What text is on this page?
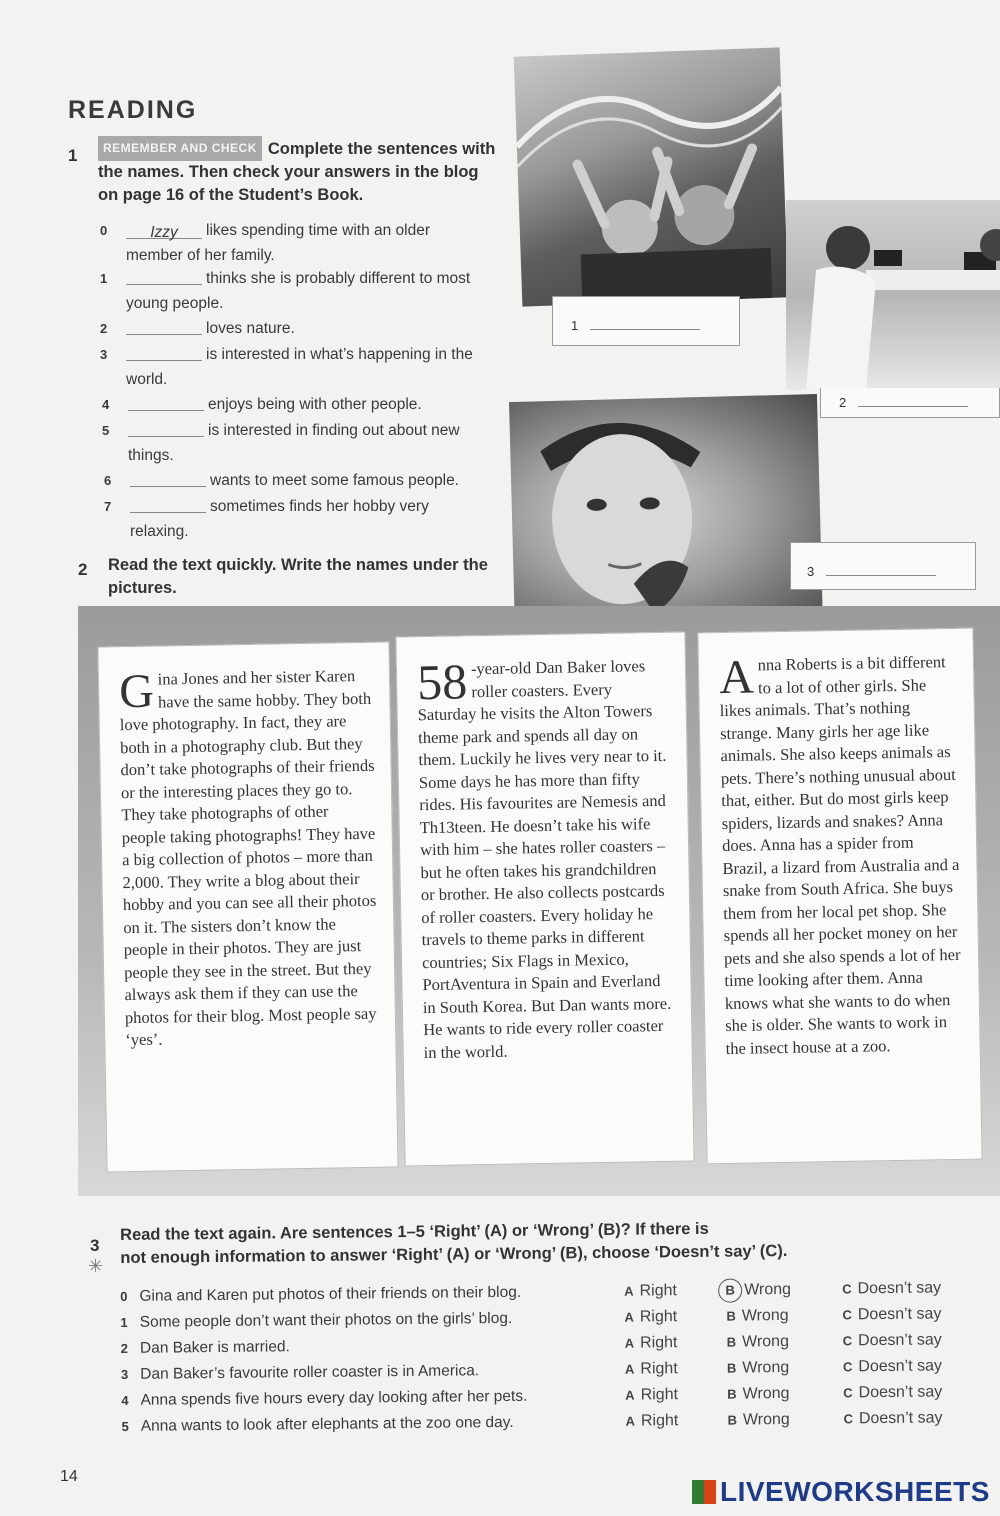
READING
1	REMEMBER AND CHECK Complete the sentences with the names. Then check your answers in the blog on page 16 of the Student’s Book.
0	Izzy likes spending time with an older
member of her family.
1	thinks she is probably different to most
young people.
2	loves nature.
3	is interested in what’s happening in the
world.
4	enjoys being with other people.
5	is interested in finding out about new
things.
6	wants to meet some famous people.
7	sometimes finds her hobby very
relaxing.
2 Read the text quickly. Write the names under the pictures.
1
2
3
Gina Jones and her sister Karen have the same hobby. They both love photography. In fact, they are both in a photography club. But they don’t take photographs of their friends or the interesting places they go to. They take photographs of other people taking photographs! They have a big collection of photos – more than 2,000. They write a blog about their hobby and you can see all their photos on it. The sisters don’t know the people in their photos. They are just people they see in the street. But they always ask them if they can use the photos for their blog. Most people say ‘yes’.
58 -year-old Dan Baker loves roller coasters. Every Saturday he visits the Alton Towers theme park and spends all day on them. Luckily he lives very near to it. Some days he has more than fifty rides. His favourites are Nemesis and Th13teen. He doesn’t take his wife with him – she hates roller coasters – but he often takes his grandchildren or brother. He also collects postcards of roller coasters. Every holiday he travels to theme parks in different countries; Six Flags in Mexico, PortAventura in Spain and Everland in South Korea. But Dan wants more. He wants to ride every roller coaster in the world.
Anna Roberts is a bit different to a lot of other girls. She likes animals. That’s nothing strange. Many girls her age like animals. She also keeps animals as pets. There’s nothing unusual about that, either. But do most girls keep spiders, lizards and snakes? Anna does. Anna has a spider from Brazil, a lizard from Australia and a snake from South Africa. She buys them from her local pet shop. She spends all her pocket money on her pets and she also spends a lot of her time looking after them. Anna knows what she wants to do when she is older. She wants to work in the insect house at a zoo.
3
✳
Read the text again. Are sentences 1–5 ‘Right’ (A) or ‘Wrong’ (B)? If there is
not enough information to answer ‘Right’ (A) or ‘Wrong’ (B), choose ‘Doesn’t say’ (C).
0 Gina and Karen put photos of their friends on their blog.	A Right	B Wrong	C Doesn’t say
1 Some people don’t want their photos on the girls’ blog.	A Right	B Wrong	C Doesn’t say
2 Dan Baker is married.	A Right	B Wrong	C Doesn’t say
3 Dan Baker’s favourite roller coaster is in America.	A Right	B Wrong	C Doesn’t say
4 Anna spends five hours every day looking after her pets.	A Right	B Wrong	C Doesn’t say
5 Anna wants to look after elephants at the zoo one day.	A Right	B Wrong	C Doesn’t say
14	LIVEWORKSHEETS
